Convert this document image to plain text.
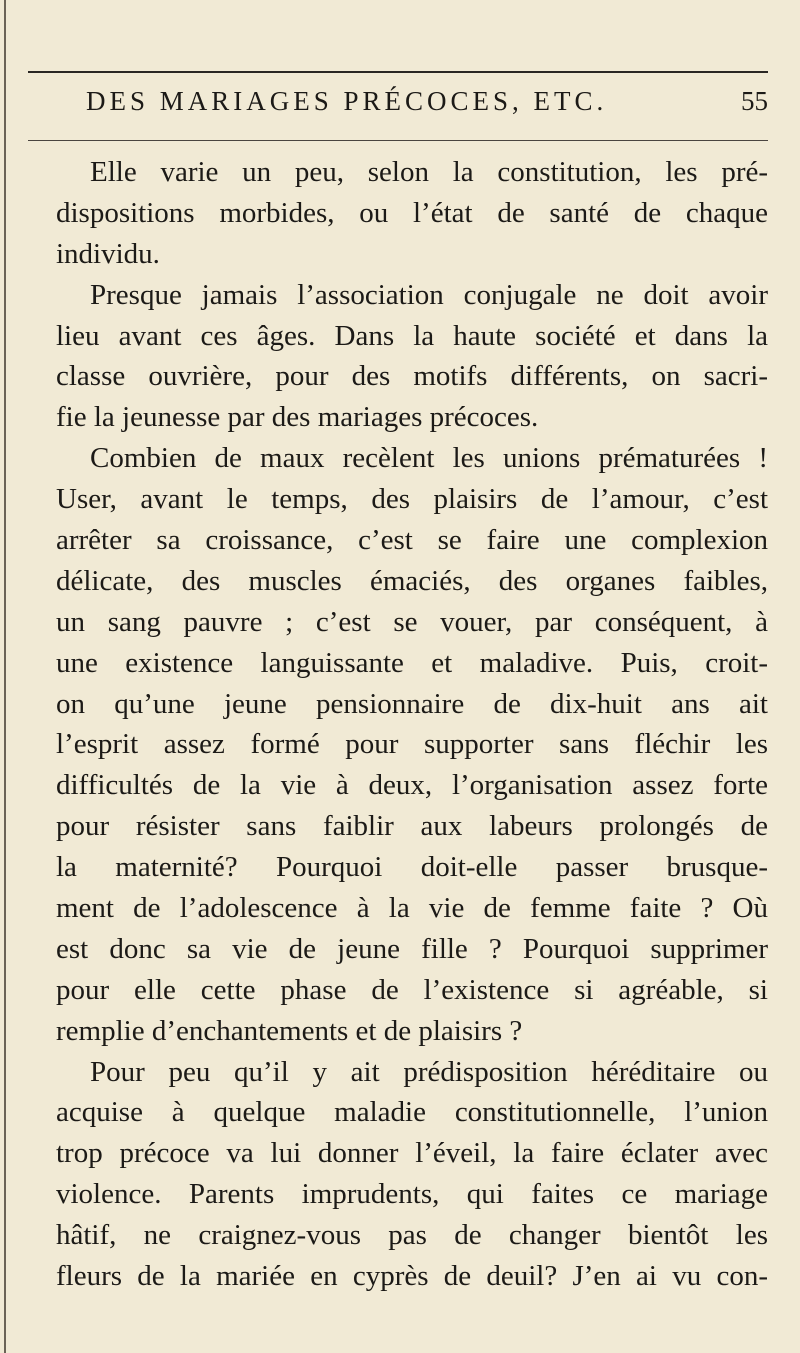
DES MARIAGES PRÉCOCES, ETC.	55
Elle varie un peu, selon la constitution, les pré-
dispositions morbides, ou l’état de santé de chaque
individu.
Presque jamais l’association conjugale ne doit avoir
lieu avant ces âges. Dans la haute société et dans la
classe ouvrière, pour des motifs différents, on sacri-
fie la jeunesse par des mariages précoces.
Combien de maux recèlent les unions prématurées !
User, avant le temps, des plaisirs de l’amour, c’est
arrêter sa croissance, c’est se faire une complexion
délicate, des muscles émaciés, des organes faibles,
un sang pauvre ; c’est se vouer, par conséquent, à
une existence languissante et maladive. Puis, croit-
on qu’une jeune pensionnaire de dix-huit ans ait
l’esprit assez formé pour supporter sans fléchir les
difficultés de la vie à deux, l’organisation assez forte
pour résister sans faiblir aux labeurs prolongés de
la maternité? Pourquoi doit-elle passer brusque-
ment de l’adolescence à la vie de femme faite ? Où
est donc sa vie de jeune fille ? Pourquoi supprimer
pour elle cette phase de l’existence si agréable, si
remplie d’enchantements et de plaisirs ?
Pour peu qu’il y ait prédisposition héréditaire ou
acquise à quelque maladie constitutionnelle, l’union
trop précoce va lui donner l’éveil, la faire éclater avec
violence. Parents imprudents, qui faites ce mariage
hâtif, ne craignez-vous pas de changer bientôt les
fleurs de la mariée en cyprès de deuil? J’en ai vu con-
